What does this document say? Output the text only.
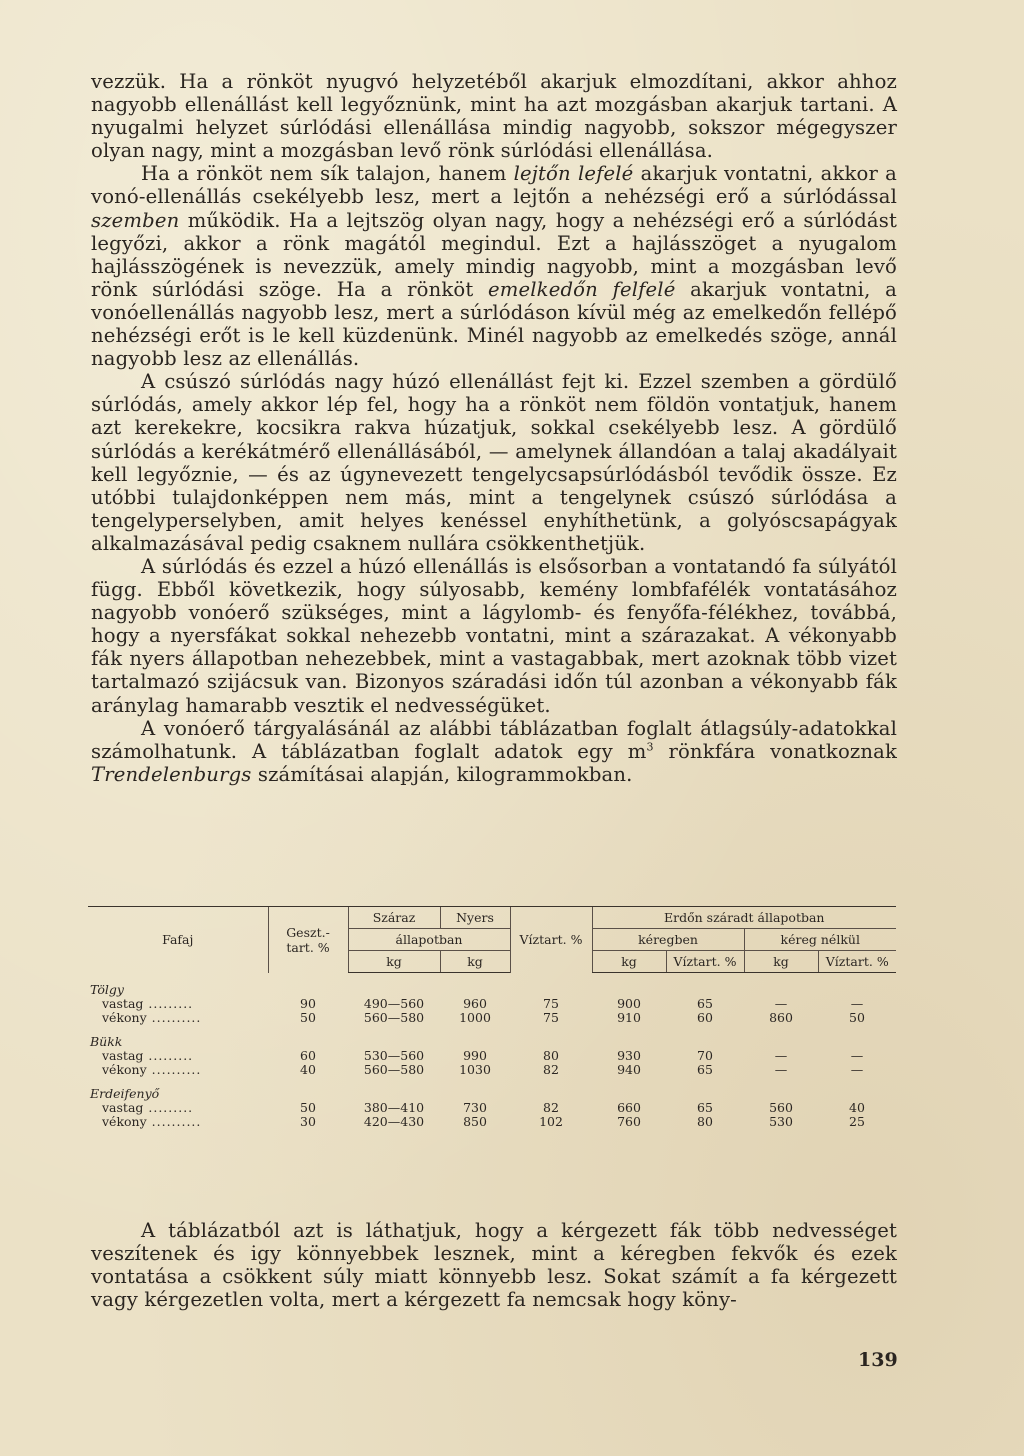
vezzük. Ha a rönköt nyugvó helyzetéből akarjuk elmozdítani, akkor ahhoz nagyobb ellenállást kell legyőznünk, mint ha azt mozgásban akarjuk tartani. A nyugalmi helyzet súrlódási ellenállása mindig nagyobb, sokszor mégegyszer olyan nagy, mint a mozgásban levő rönk súrlódási ellenállása.

Ha a rönköt nem sík talajon, hanem lejtőn lefelé akarjuk vontatni, akkor a vonó-ellenállás csekélyebb lesz, mert a lejtőn a nehézségi erő a súrlódással szemben működik. Ha a lejtszög olyan nagy, hogy a nehézségi erő a súrlódást legyőzi, akkor a rönk magától megindul. Ezt a hajlásszöget a nyugalom hajlásszögének is nevezzük, amely mindig nagyobb, mint a mozgásban levő rönk súrlódási szöge. Ha a rönköt emelkedőn felfelé akarjuk vontatni, a vonóellenállás nagyobb lesz, mert a súrlódáson kívül még az emelkedőn fellépő nehézségi erőt is le kell küzdenünk. Minél nagyobb az emelkedés szöge, annál nagyobb lesz az ellenállás.

A csúszó súrlódás nagy húzó ellenállást fejt ki. Ezzel szemben a gördülő súrlódás, amely akkor lép fel, hogy ha a rönköt nem földön vontatjuk, hanem azt kerekekre, kocsikra rakva húzatjuk, sokkal csekélyebb lesz. A gördülő súrlódás a kerékátmérő ellenállásából, — amelynek állandóan a talaj akadályait kell legyőznie, — és az úgynevezett tengelycsapsúrlódásból tevődik össze. Ez utóbbi tulajdonképpen nem más, mint a tengelynek csúszó súrlódása a tengelyperselyben, amit helyes kenéssel enyhíthetünk, a golyóscsapágyak alkalmazásával pedig csaknem nullára csökkenthetjük.

A súrlódás és ezzel a húzó ellenállás is elsősorban a vontatandó fa súlyától függ. Ebből következik, hogy súlyosabb, kemény lombfafélék vontatásához nagyobb vonóerő szükséges, mint a lágylomb- és fenyőfa-félékhez, továbbá, hogy a nyersfákat sokkal nehezebb vontatni, mint a szárazakat. A vékonyabb fák nyers állapotban nehezebbek, mint a vastagabbak, mert azoknak több vizet tartalmazó szijácsuk van. Bizonyos száradási időn túl azonban a vékonyabb fák aránylag hamarabb vesztik el nedvességüket.

A vonóerő tárgyalásánál az alábbi táblázatban foglalt átlagsúly-adatokkal számolhatunk. A táblázatban foglalt adatok egy $m^3$ rönkfára vonatkoznak Trendelenburgs számításai alapján, kilogrammokban.

Fafaj	Geszt.- tart. %	Száraz	Nyers	Víztart. %	Erdőn száradt állapotban			
		állapotban			kéregben		kéreg nélkül	
		kg	kg		kg	Víztart. %	kg	Víztart. %

Tölgy								
vastag .........	90	490—560	960	75	900	65	—	—
vékony ..........	50	560—580	1000	75	910	60	860	50

Bükk								
vastag .........	60	530—560	990	80	930	70	—	—
vékony ..........	40	560—580	1030	82	940	65	—	—

Erdeifenyő								
vastag .........	50	380—410	730	82	660	65	560	40
vékony ..........	30	420—430	850	102	760	80	530	25

A táblázatból azt is láthatjuk, hogy a kérgezett fák több nedvességet veszítenek és igy könnyebbek lesznek, mint a kéregben fekvők és ezek vontatása a csökkent súly miatt könnyebb lesz. Sokat számít a fa kérgezett vagy kérgezetlen volta, mert a kérgezett fa nemcsak hogy köny-

139
